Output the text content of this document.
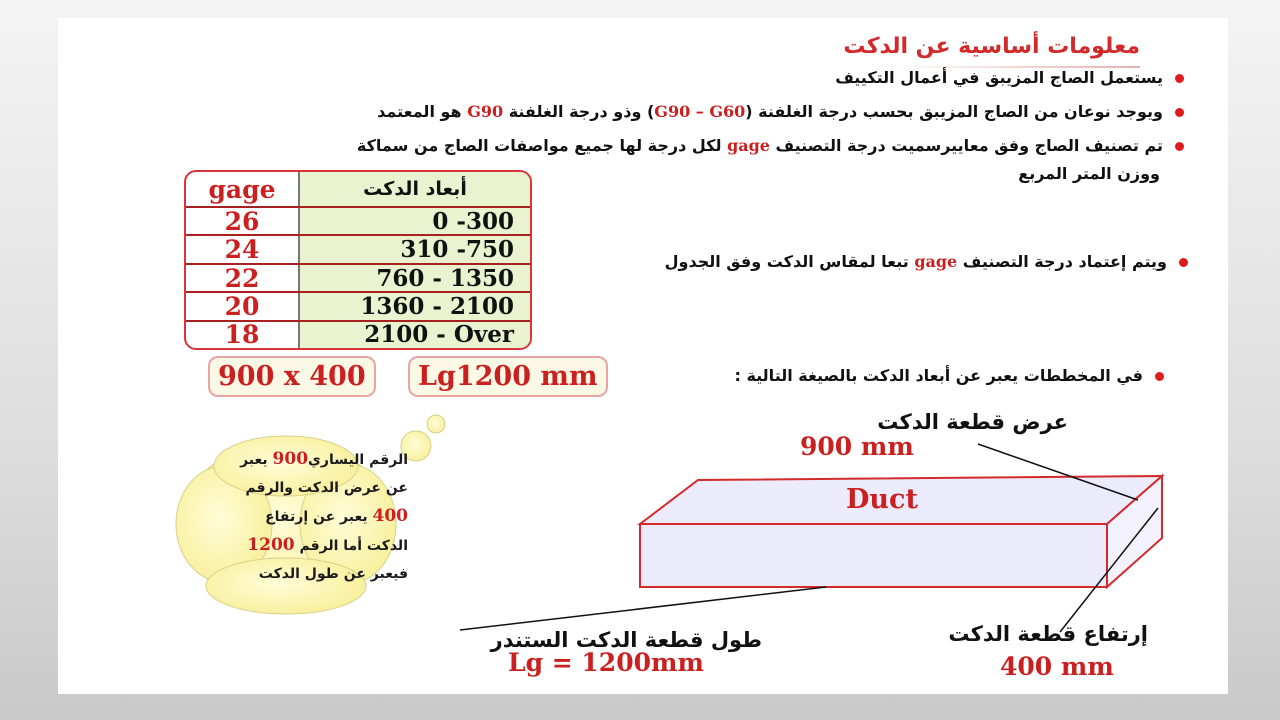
معلومات أساسية عن الدكت
يستعمل الصاج المزيبق في أعمال التكييف
ويوجد نوعان من الصاج المزيبق بحسب درجة الغلفنة (G90 – G60) وذو درجة الغلفنة G90 هو المعتمد
تم تصنيف الصاج وفق معاييرسميت درجة التصنيف gage لكل درجة لها جميع مواصفات الصاج من سماكة
ووزن المتر المربع
gage	أبعاد الدكت
26	0 -300
24	310 -750
22	760 - 1350
20	1360 - 2100
18	2100 - Over
ويتم إعتماد درجة التصنيف gage تبعا لمقاس الدكت وفق الجدول
في المخططات يعبر عن أبعاد الدكت بالصيغة التالية :
Lg1200 mm
900 x 400
الرقم اليساري900 يعبر
عن عرض الدكت والرقم
400 يعبر عن إرتفاع
الدكت أما الرقم 1200
فيعبر عن طول الدكت
Duct
عرض قطعة الدكت
900 mm
طول قطعة الدكت الستندر
Lg = 1200mm
إرتفاع قطعة الدكت
400 mm
